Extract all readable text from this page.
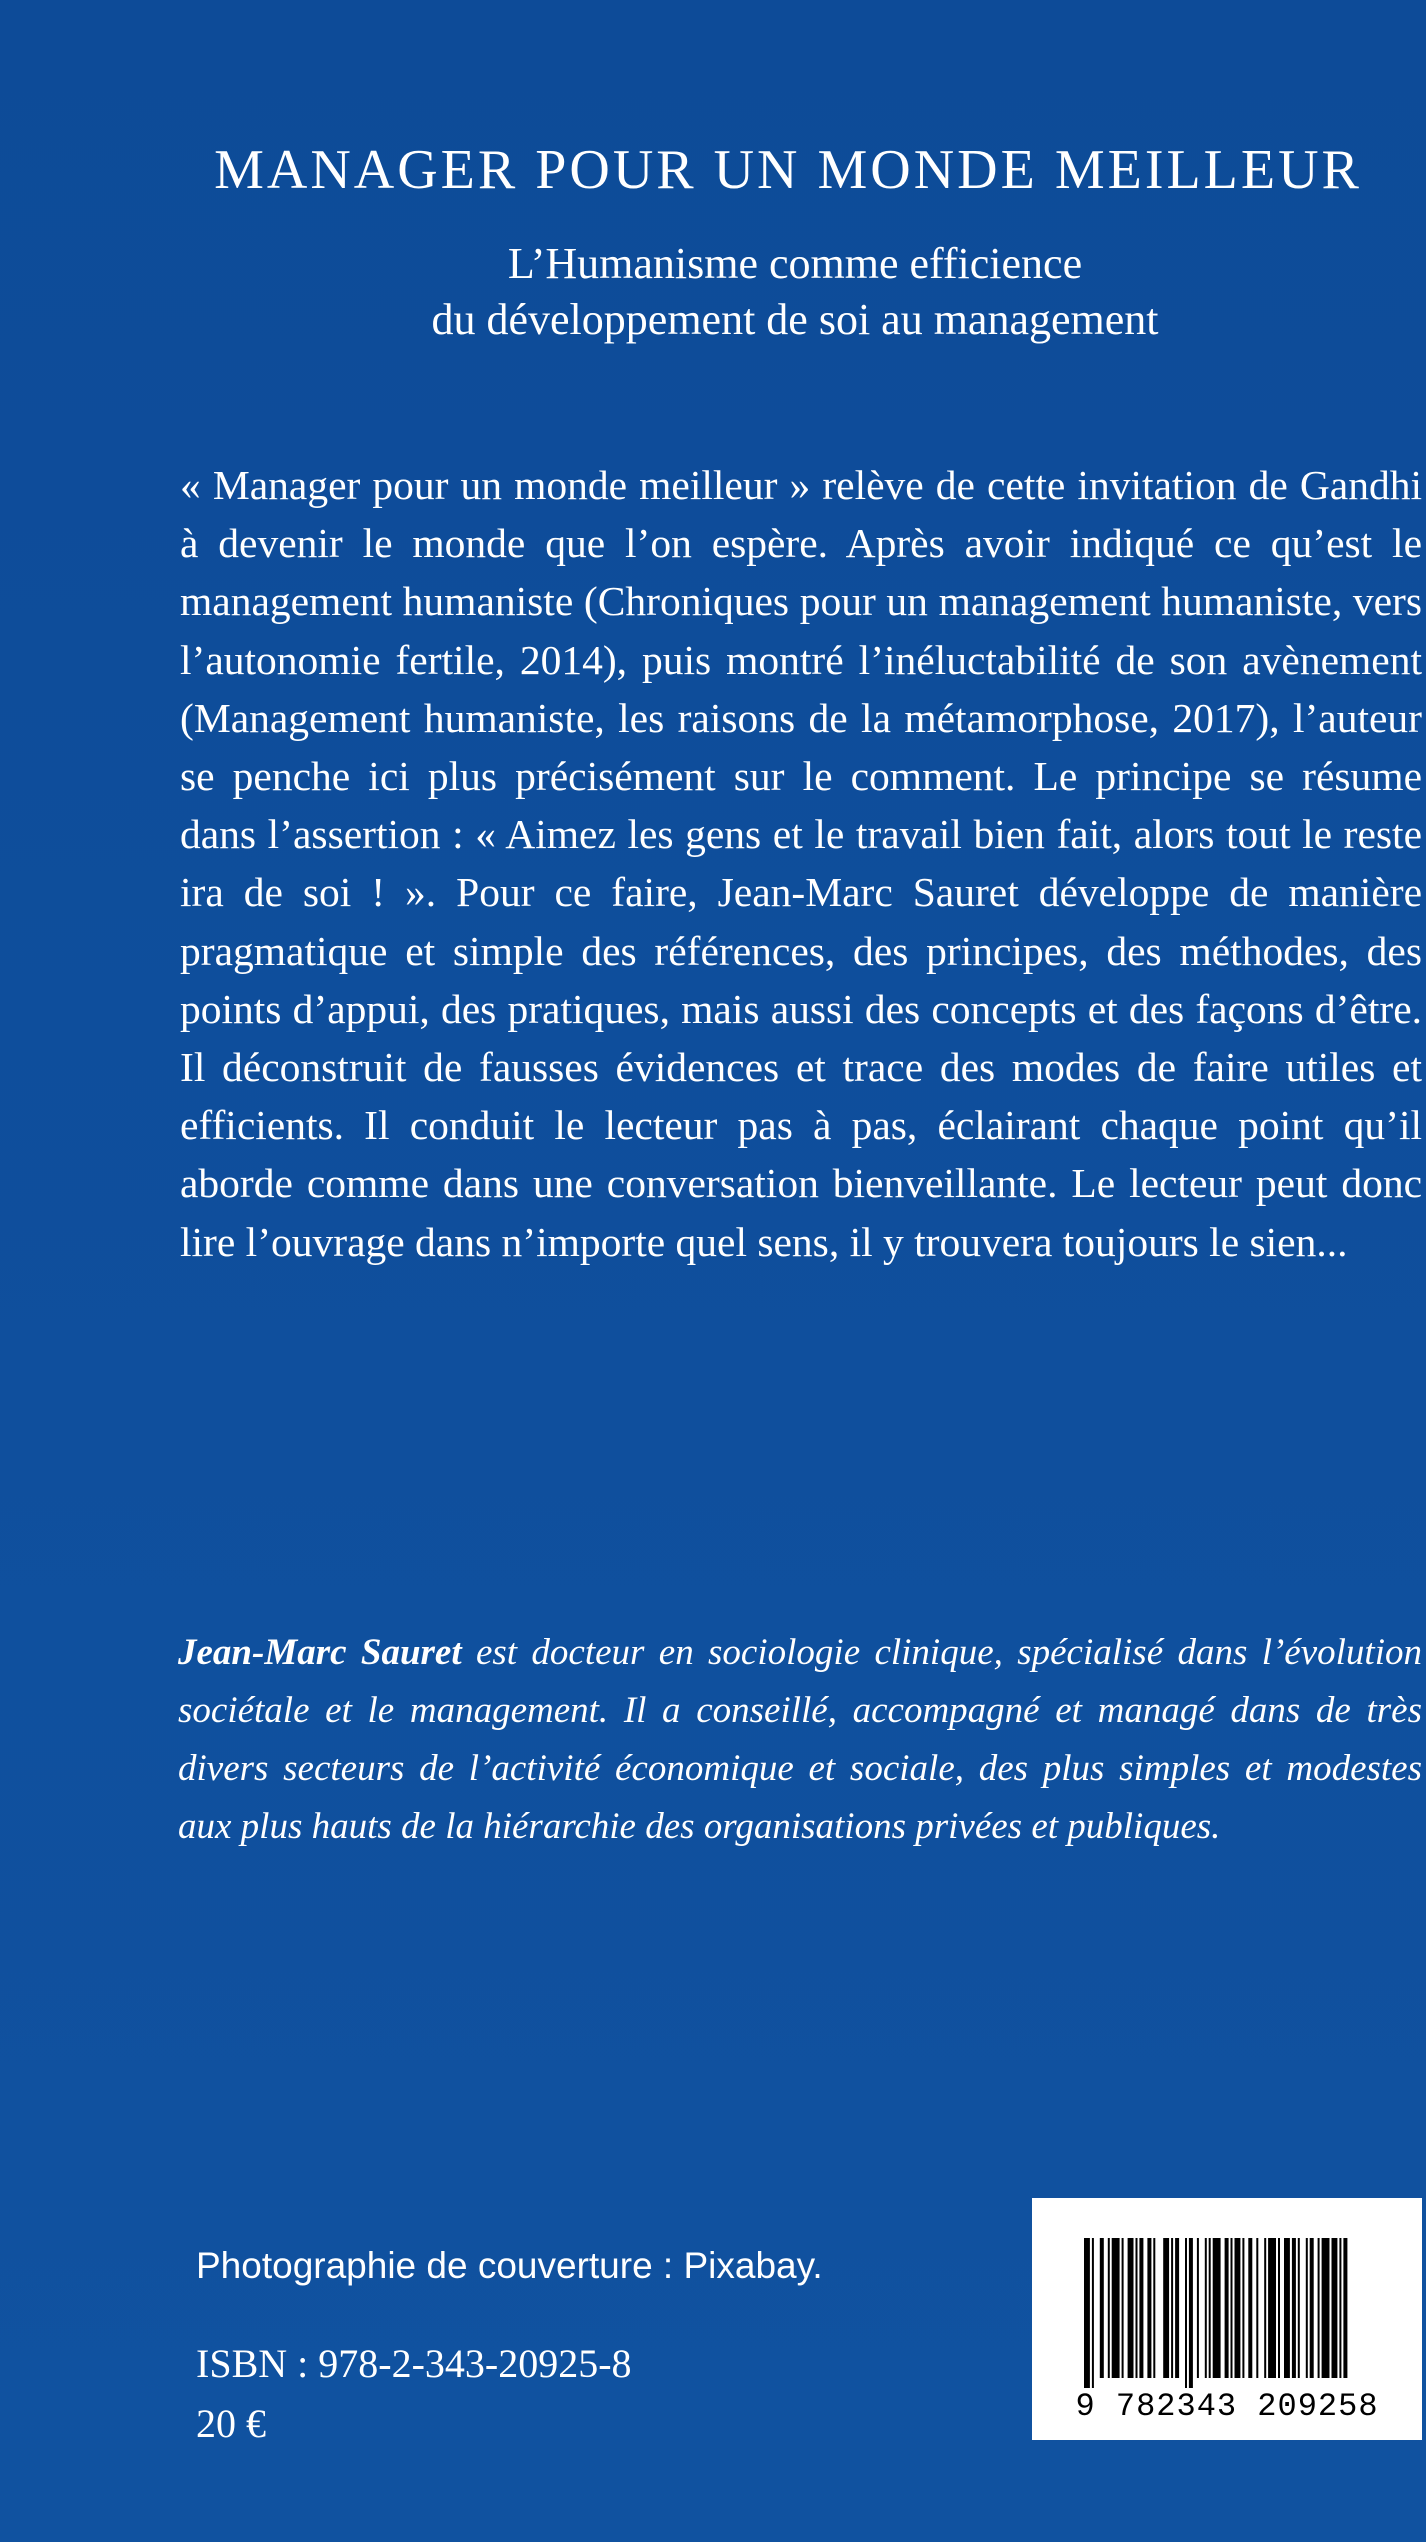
MANAGER POUR UN MONDE MEILLEUR
L’Humanisme comme efficience
du développement de soi au management
« Manager pour un monde meilleur » relève de cette invitation de Gandhi à devenir le monde que l’on espère. Après avoir indiqué ce qu’est le management humaniste (Chroniques pour un management humaniste, vers l’autonomie fertile, 2014), puis montré l’inéluctabilité de son avènement (Management humaniste, les raisons de la métamorphose, 2017), l’auteur se penche ici plus précisément sur le comment. Le principe se résume dans l’assertion : « Aimez les gens et le travail bien fait, alors tout le reste ira de soi ! ». Pour ce faire, Jean-Marc Sauret développe de manière pragmatique et simple des références, des principes, des méthodes, des points d’appui, des pratiques, mais aussi des concepts et des façons d’être. Il déconstruit de fausses évidences et trace des modes de faire utiles et efficients. Il conduit le lecteur pas à pas, éclairant chaque point qu’il aborde comme dans une conversation bienveillante. Le lecteur peut donc lire l’ouvrage dans n’importe quel sens, il y trouvera toujours le sien...
Jean-Marc Sauret est docteur en sociologie clinique, spécialisé dans l’évolution sociétale et le management. Il a conseillé, accompagné et managé dans de très divers secteurs de l’activité économique et sociale, des plus simples et modestes aux plus hauts de la hiérarchie des organisations privées et publiques.
Photographie de couverture : Pixabay.
ISBN : 978-2-343-20925-8
20 €	9 782343 209258
